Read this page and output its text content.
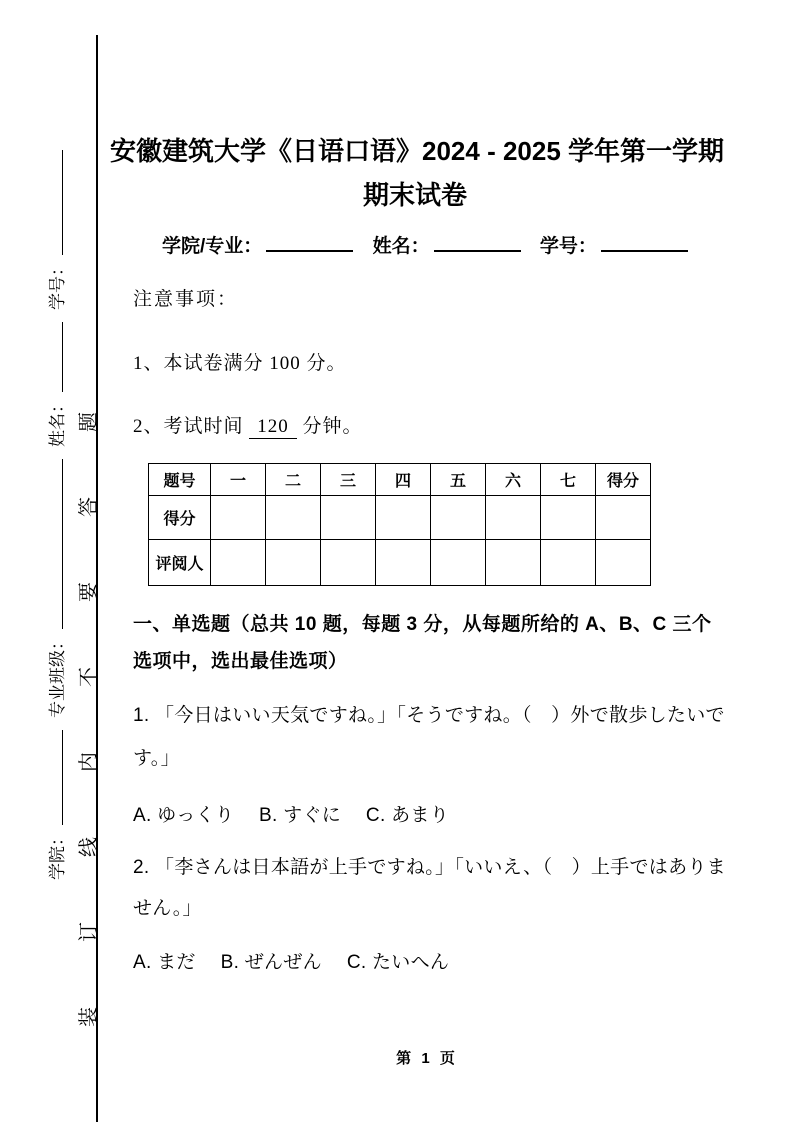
学院：
专业班级：
姓名：
学号：
装订线内不要答题
安徽建筑大学《日语口语》2024 - 2025 学年第一学期
期末试卷
学院/专业：	姓名：	学号：
注意事项：
1、本试卷满分 100 分。
2、考试时间 120 分钟。
题号	一	二	三	四	五	六	七	得分
得分								
评阅人								
一、单选题（总共 10 题，每题 3 分，从每题所给的 A、B、C 三个
选项中，选出最佳选项）
1. 「今日はいい天気ですね。」「そうですね。（　）外で散歩したいで
す。」
A. ゆっくり　 B. すぐに　 C. あまり
2. 「李さんは日本語が上手ですね。」「いいえ、（　）上手ではありま
せん。」
A. まだ　 B. ぜんぜん　 C. たいへん
第 1 页
